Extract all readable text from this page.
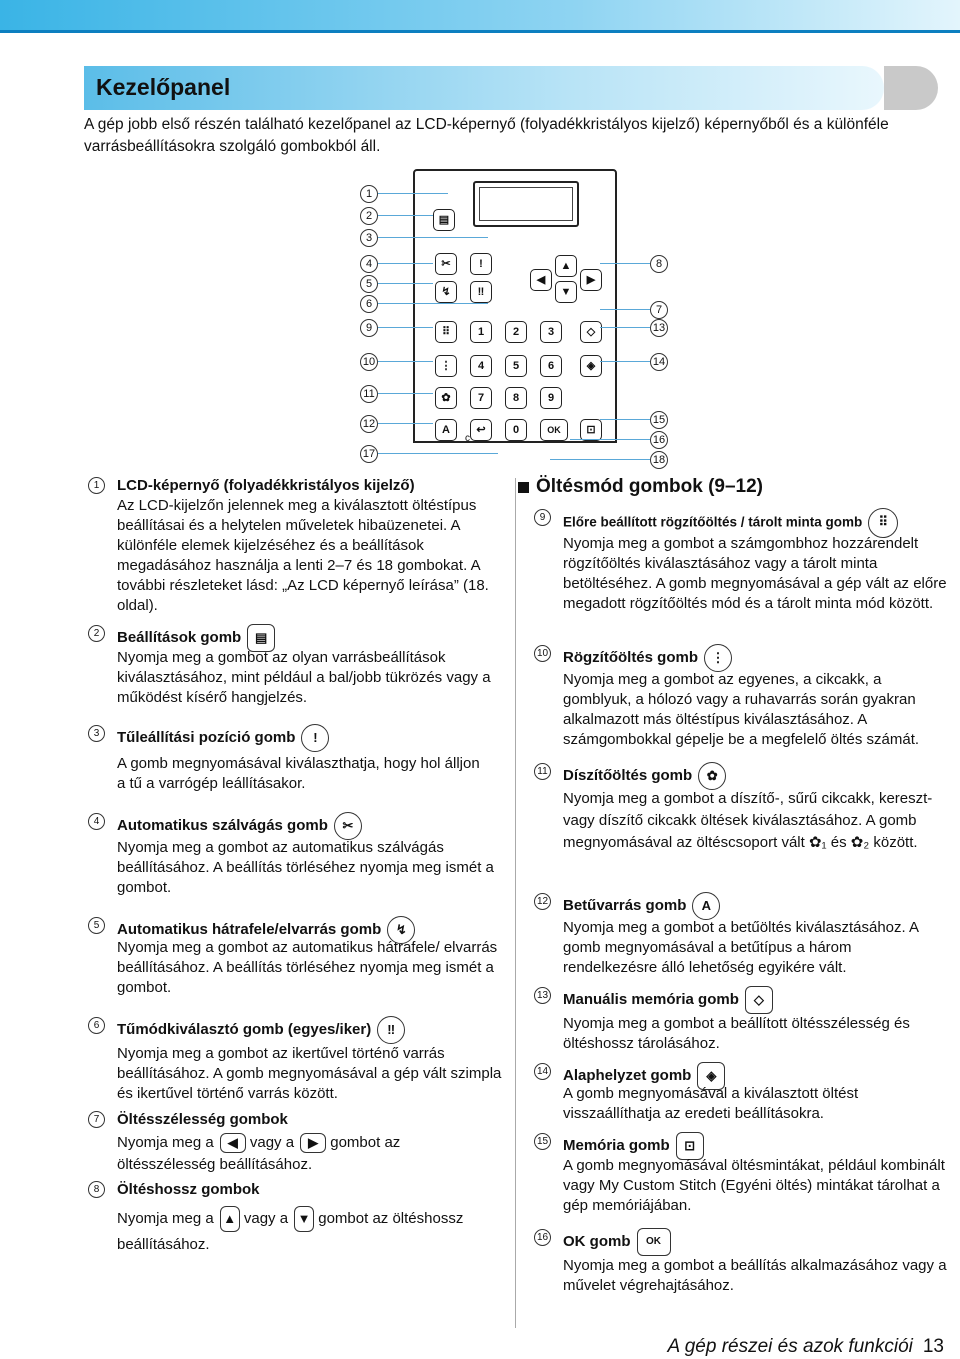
Kezelőpanel
A gép jobb első részén található kezelőpanel az LCD-képernyő (folyadékkristályos kijelző) képernyőből és a különféle varrásbeállításokra szolgáló gombokból áll.
▤
✂	!
↯	‼
◀
▲
▼
▶
⠿
⋮
✿
A
1	2	3
4	5	6
7	8	9
↩	0	OK
◇
◈
⊡
c
1
2
3
4
5
6
9
10
11
12
17
8
7
13
14
15
16
18
1	LCD-képernyő (folyadékkristályos kijelző)
Az LCD-kijelzőn jelennek meg a kiválasztott öltéstípus beállításai és a helytelen műveletek hibaüzenetei. A különféle elemek kijelzéséhez és a beállítások megadásához használja a lenti 2–7 és 18 gombokat. A további részleteket lásd: „Az LCD képernyő leírása” (18. oldal).
2	Beállítások gomb ▤
Nyomja meg a gombot az olyan varrásbeállítások kiválasztásához, mint például a bal/jobb tükrözés vagy a működést kísérő hangjelzés.
3	Tűleállítási pozíció gomb !
A gomb megnyomásával kiválaszthatja, hogy hol álljon a tű a varrógép leállításakor.
4	Automatikus szálvágás gomb ✂
Nyomja meg a gombot az automatikus szálvágás beállításához. A beállítás törléséhez nyomja meg ismét a gombot.
5	Automatikus hátrafele/elvarrás gomb ↯
Nyomja meg a gombot az automatikus hátrafele/ elvarrás beállításához. A beállítás törléséhez nyomja meg ismét a gombot.
6	Tűmódkiválasztó gomb (egyes/iker) ‼
Nyomja meg a gombot az ikertűvel történő varrás beállításához. A gomb megnyomásával a gép vált szimpla és ikertűvel történő varrás között.
7	Öltésszélesség gombok
Nyomja meg a ◀ vagy a ▶ gombot az öltésszélesség beállításához.
8	Öltéshossz gombok
Nyomja meg a ▲ vagy a ▼ gombot az öltéshossz beállításához.
Öltésmód gombok (9–12)
9	Előre beállított rögzítőöltés / tárolt minta gomb ⠿
Nyomja meg a gombot a számgombhoz hozzárendelt rögzítőöltés kiválasztásához vagy a tárolt minta betöltéséhez. A gomb megnyomásával a gép vált az előre megadott rögzítőöltés mód és a tárolt minta mód között.
10 Rögzítőöltés gomb ⋮
Nyomja meg a gombot az egyenes, a cikcakk, a gomblyuk, a hólozó vagy a ruhavarrás során gyakran alkalmazott más öltéstípus kiválasztásához. A számgombokkal gépelje be a megfelelő öltés számát.
11 Díszítőöltés gomb ✿
Nyomja meg a gombot a díszítő-, sűrű cikcakk, kereszt- vagy díszítő cikcakk öltések kiválasztásához. A gomb megnyomásával az öltéscsoport vált ✿₁ és ✿₂ között.
12 Betűvarrás gomb A
Nyomja meg a gombot a betűöltés kiválasztásához. A gomb megnyomásával a betűtípus a három rendelkezésre álló lehetőség egyikére vált.
13 Manuális memória gomb ◇
Nyomja meg a gombot a beállított öltésszélesség és öltéshossz tárolásához.
14 Alaphelyzet gomb ◈
A gomb megnyomásával a kiválasztott öltést visszaállíthatja az eredeti beállításokra.
15 Memória gomb ⊡
A gomb megnyomásával öltésmintákat, például kombinált vagy My Custom Stitch (Egyéni öltés) mintákat tárolhat a gép memóriájában.
16 OK gomb OK
Nyomja meg a gombot a beállítás alkalmazásához vagy a művelet végrehajtásához.
A gép részei és azok funkciói 13
